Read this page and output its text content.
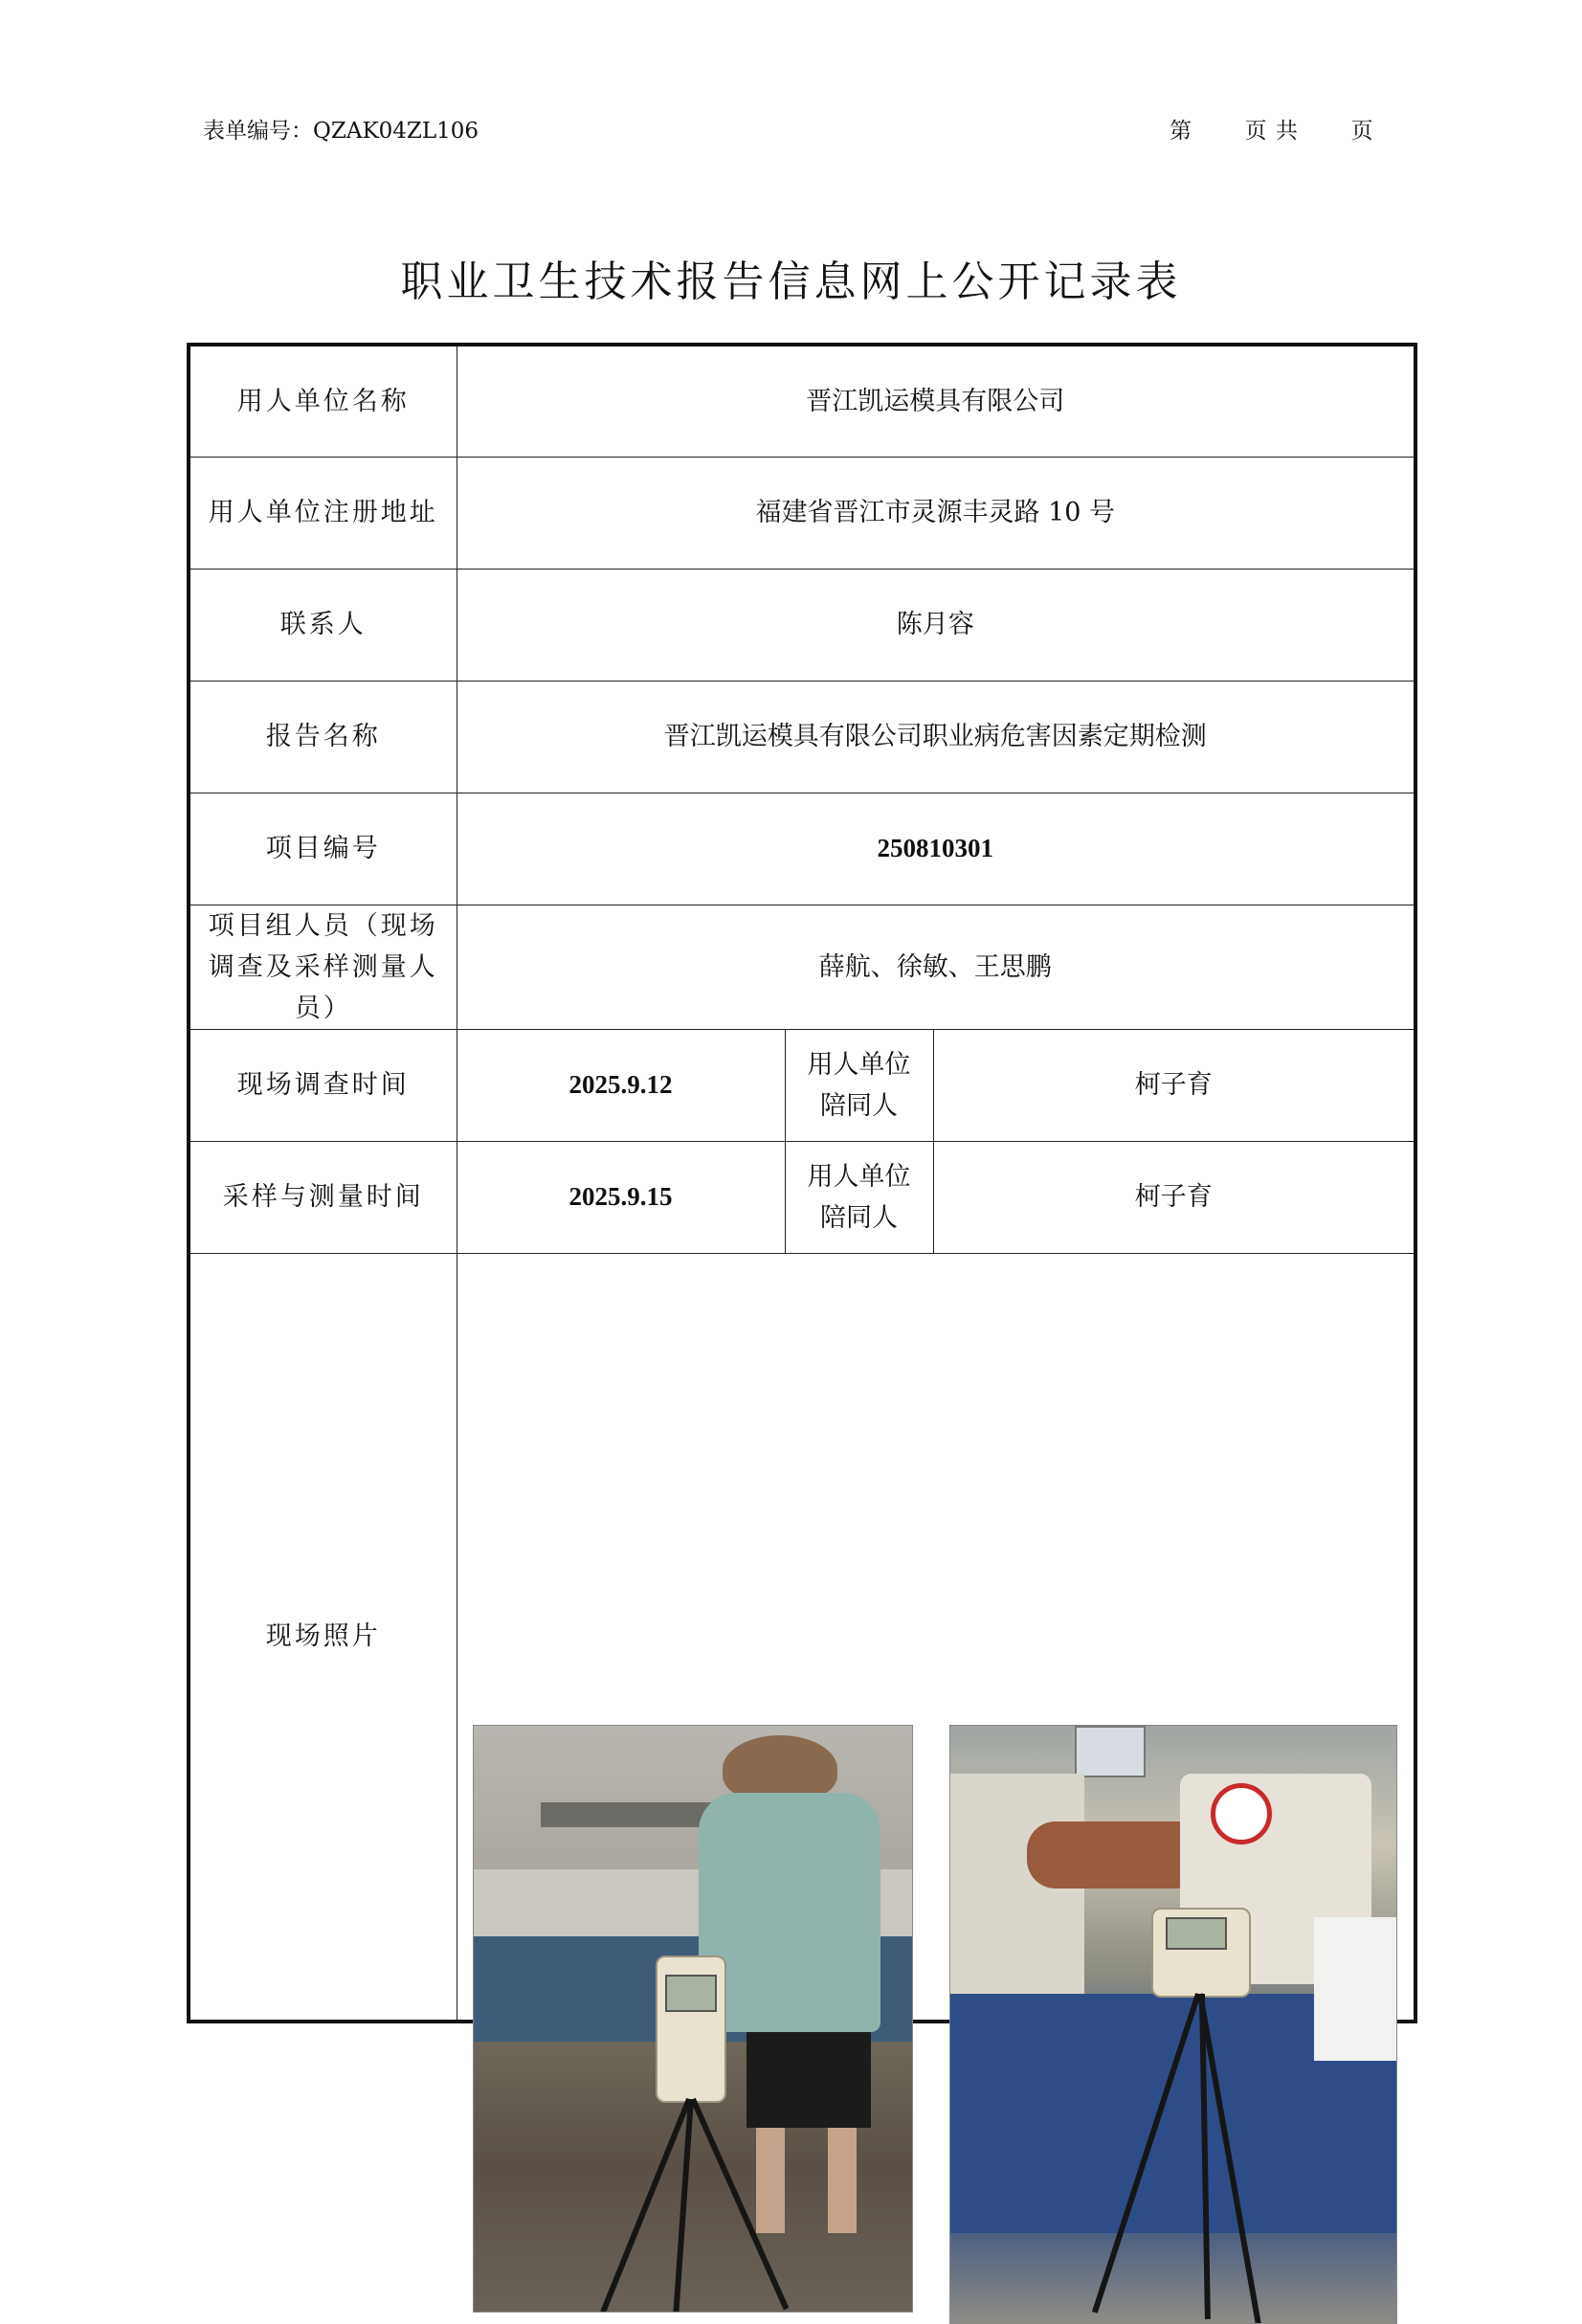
表单编号：QZAK04ZL106	第 页 共 页
职业卫生技术报告信息网上公开记录表
用人单位名称	晋江凯运模具有限公司		
用人单位注册地址	福建省晋江市灵源丰灵路 10 号		
联系人	陈月容		
报告名称	晋江凯运模具有限公司职业病危害因素定期检测		
项目编号	250810301		
项目组人员（现场调查及采样测量人员）	薛航、徐敏、王思鹏		
现场调查时间	2025.9.12	用人单位陪同人	柯子育
采样与测量时间	2025.9.15	用人单位陪同人	柯子育
现场照片			
